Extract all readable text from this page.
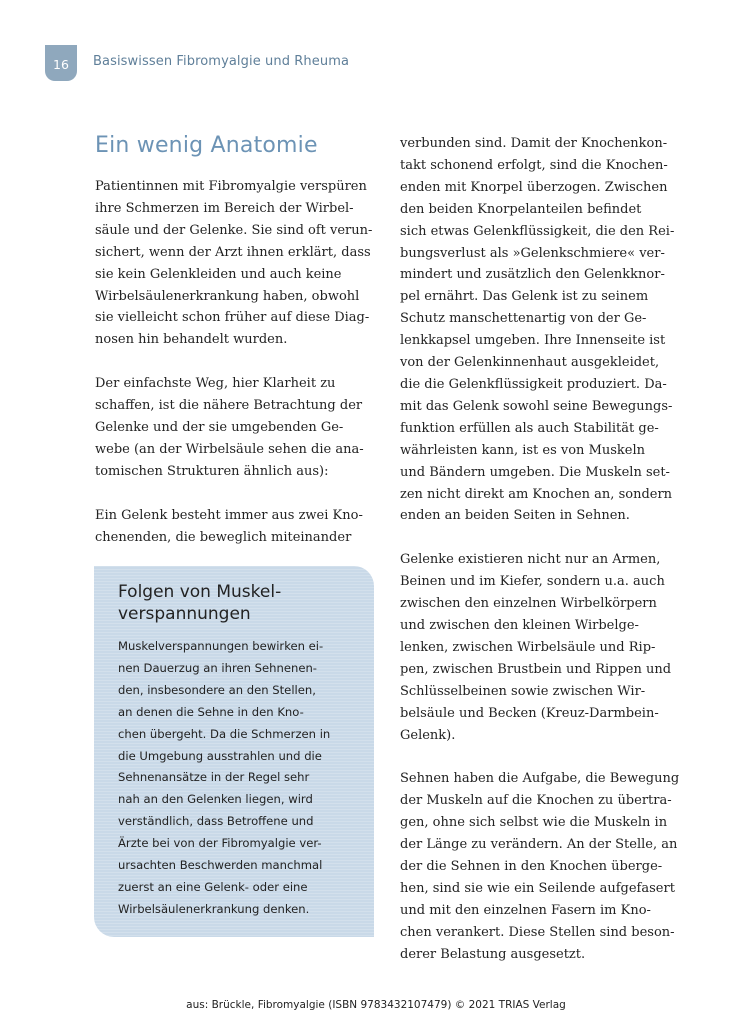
16 Basiswissen Fibromyalgie und Rheuma
Ein wenig Anatomie

Patientinnen mit Fibromyalgie verspüren
ihre Schmerzen im Bereich der Wirbel-
säule und der Gelenke. Sie sind oft verun-
sichert, wenn der Arzt ihnen erklärt, dass
sie kein Gelenkleiden und auch keine
Wirbelsäulenerkrankung haben, obwohl
sie vielleicht schon früher auf diese Diag-
nosen hin behandelt wurden.

Der einfachste Weg, hier Klarheit zu
schaffen, ist die nähere Betrachtung der
Gelenke und der sie umgebenden Ge-
webe (an der Wirbelsäule sehen die ana-
tomischen Strukturen ähnlich aus):

Ein Gelenk besteht immer aus zwei Kno-
chenenden, die beweglich miteinander

Folgen von Muskel-
verspannungen
Muskelverspannungen bewirken ei-
nen Dauerzug an ihren Sehnenen-
den, insbesondere an den Stellen,
an denen die Sehne in den Kno-
chen übergeht. Da die Schmerzen in
die Umgebung ausstrahlen und die
Sehnenansätze in der Regel sehr
nah an den Gelenken liegen, wird
verständlich, dass Betroffene und
Ärzte bei von der Fibromyalgie ver-
ursachten Beschwerden manchmal
zuerst an eine Gelenk- oder eine
Wirbelsäulenerkrankung denken.

verbunden sind. Damit der Knochenkon-
takt schonend erfolgt, sind die Knochen-
enden mit Knorpel überzogen. Zwischen
den beiden Knorpelanteilen befindet
sich etwas Gelenkflüssigkeit, die den Rei-
bungsverlust als »Gelenkschmiere« ver-
mindert und zusätzlich den Gelenkknor-
pel ernährt. Das Gelenk ist zu seinem
Schutz manschettenartig von der Ge-
lenkkapsel umgeben. Ihre Innenseite ist
von der Gelenkinnenhaut ausgekleidet,
die die Gelenkflüssigkeit produziert. Da-
mit das Gelenk sowohl seine Bewegungs-
funktion erfüllen als auch Stabilität ge-
währleisten kann, ist es von Muskeln
und Bändern umgeben. Die Muskeln set-
zen nicht direkt am Knochen an, sondern
enden an beiden Seiten in Sehnen.

Gelenke existieren nicht nur an Armen,
Beinen und im Kiefer, sondern u.a. auch
zwischen den einzelnen Wirbelkörpern
und zwischen den kleinen Wirbelge-
lenken, zwischen Wirbelsäule und Rip-
pen, zwischen Brustbein und Rippen und
Schlüsselbeinen sowie zwischen Wir-
belsäule und Becken (Kreuz-Darmbein-
Gelenk).

Sehnen haben die Aufgabe, die Bewegung
der Muskeln auf die Knochen zu übertra-
gen, ohne sich selbst wie die Muskeln in
der Länge zu verändern. An der Stelle, an
der die Sehnen in den Knochen überge-
hen, sind sie wie ein Seilende aufgefasert
und mit den einzelnen Fasern im Kno-
chen verankert. Diese Stellen sind beson-
derer Belastung ausgesetzt.

aus: Brückle, Fibromyalgie (ISBN 9783432107479) © 2021 TRIAS Verlag
